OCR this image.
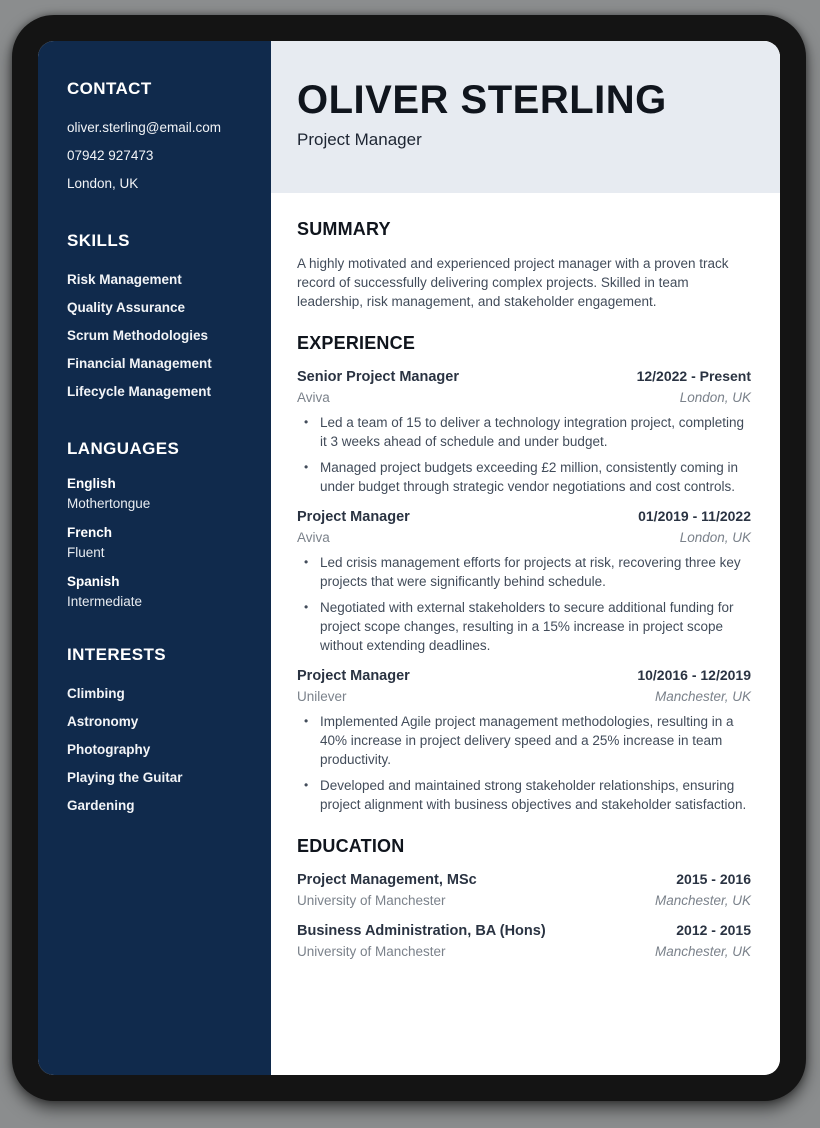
CONTACT
oliver.sterling@email.com
07942 927473
London, UK
SKILLS
Risk Management
Quality Assurance
Scrum Methodologies
Financial Management
Lifecycle Management
LANGUAGES
English
Mothertongue
French
Fluent
Spanish
Intermediate
INTERESTS
Climbing
Astronomy
Photography
Playing the Guitar
Gardening
OLIVER STERLING
Project Manager
SUMMARY

A highly motivated and experienced project manager with a proven track record of successfully delivering complex projects. Skilled in team leadership, risk management, and stakeholder engagement.

EXPERIENCE
Senior Project Manager	12/2022 - Present
Aviva	London, UK
• Led a team of 15 to deliver a technology integration project, completing it 3 weeks ahead of schedule and under budget.
• Managed project budgets exceeding £2 million, consistently coming in under budget through strategic vendor negotiations and cost controls.
Project Manager	01/2019 - 11/2022
Aviva	London, UK
• Led crisis management efforts for projects at risk, recovering three key projects that were significantly behind schedule.
• Negotiated with external stakeholders to secure additional funding for project scope changes, resulting in a 15% increase in project scope without extending deadlines.
Project Manager	10/2016 - 12/2019
Unilever	Manchester, UK
• Implemented Agile project management methodologies, resulting in a 40% increase in project delivery speed and a 25% increase in team productivity.
• Developed and maintained strong stakeholder relationships, ensuring project alignment with business objectives and stakeholder satisfaction.
EDUCATION
Project Management, MSc	2015 - 2016
University of Manchester	Manchester, UK
Business Administration, BA (Hons)	2012 - 2015
University of Manchester	Manchester, UK
